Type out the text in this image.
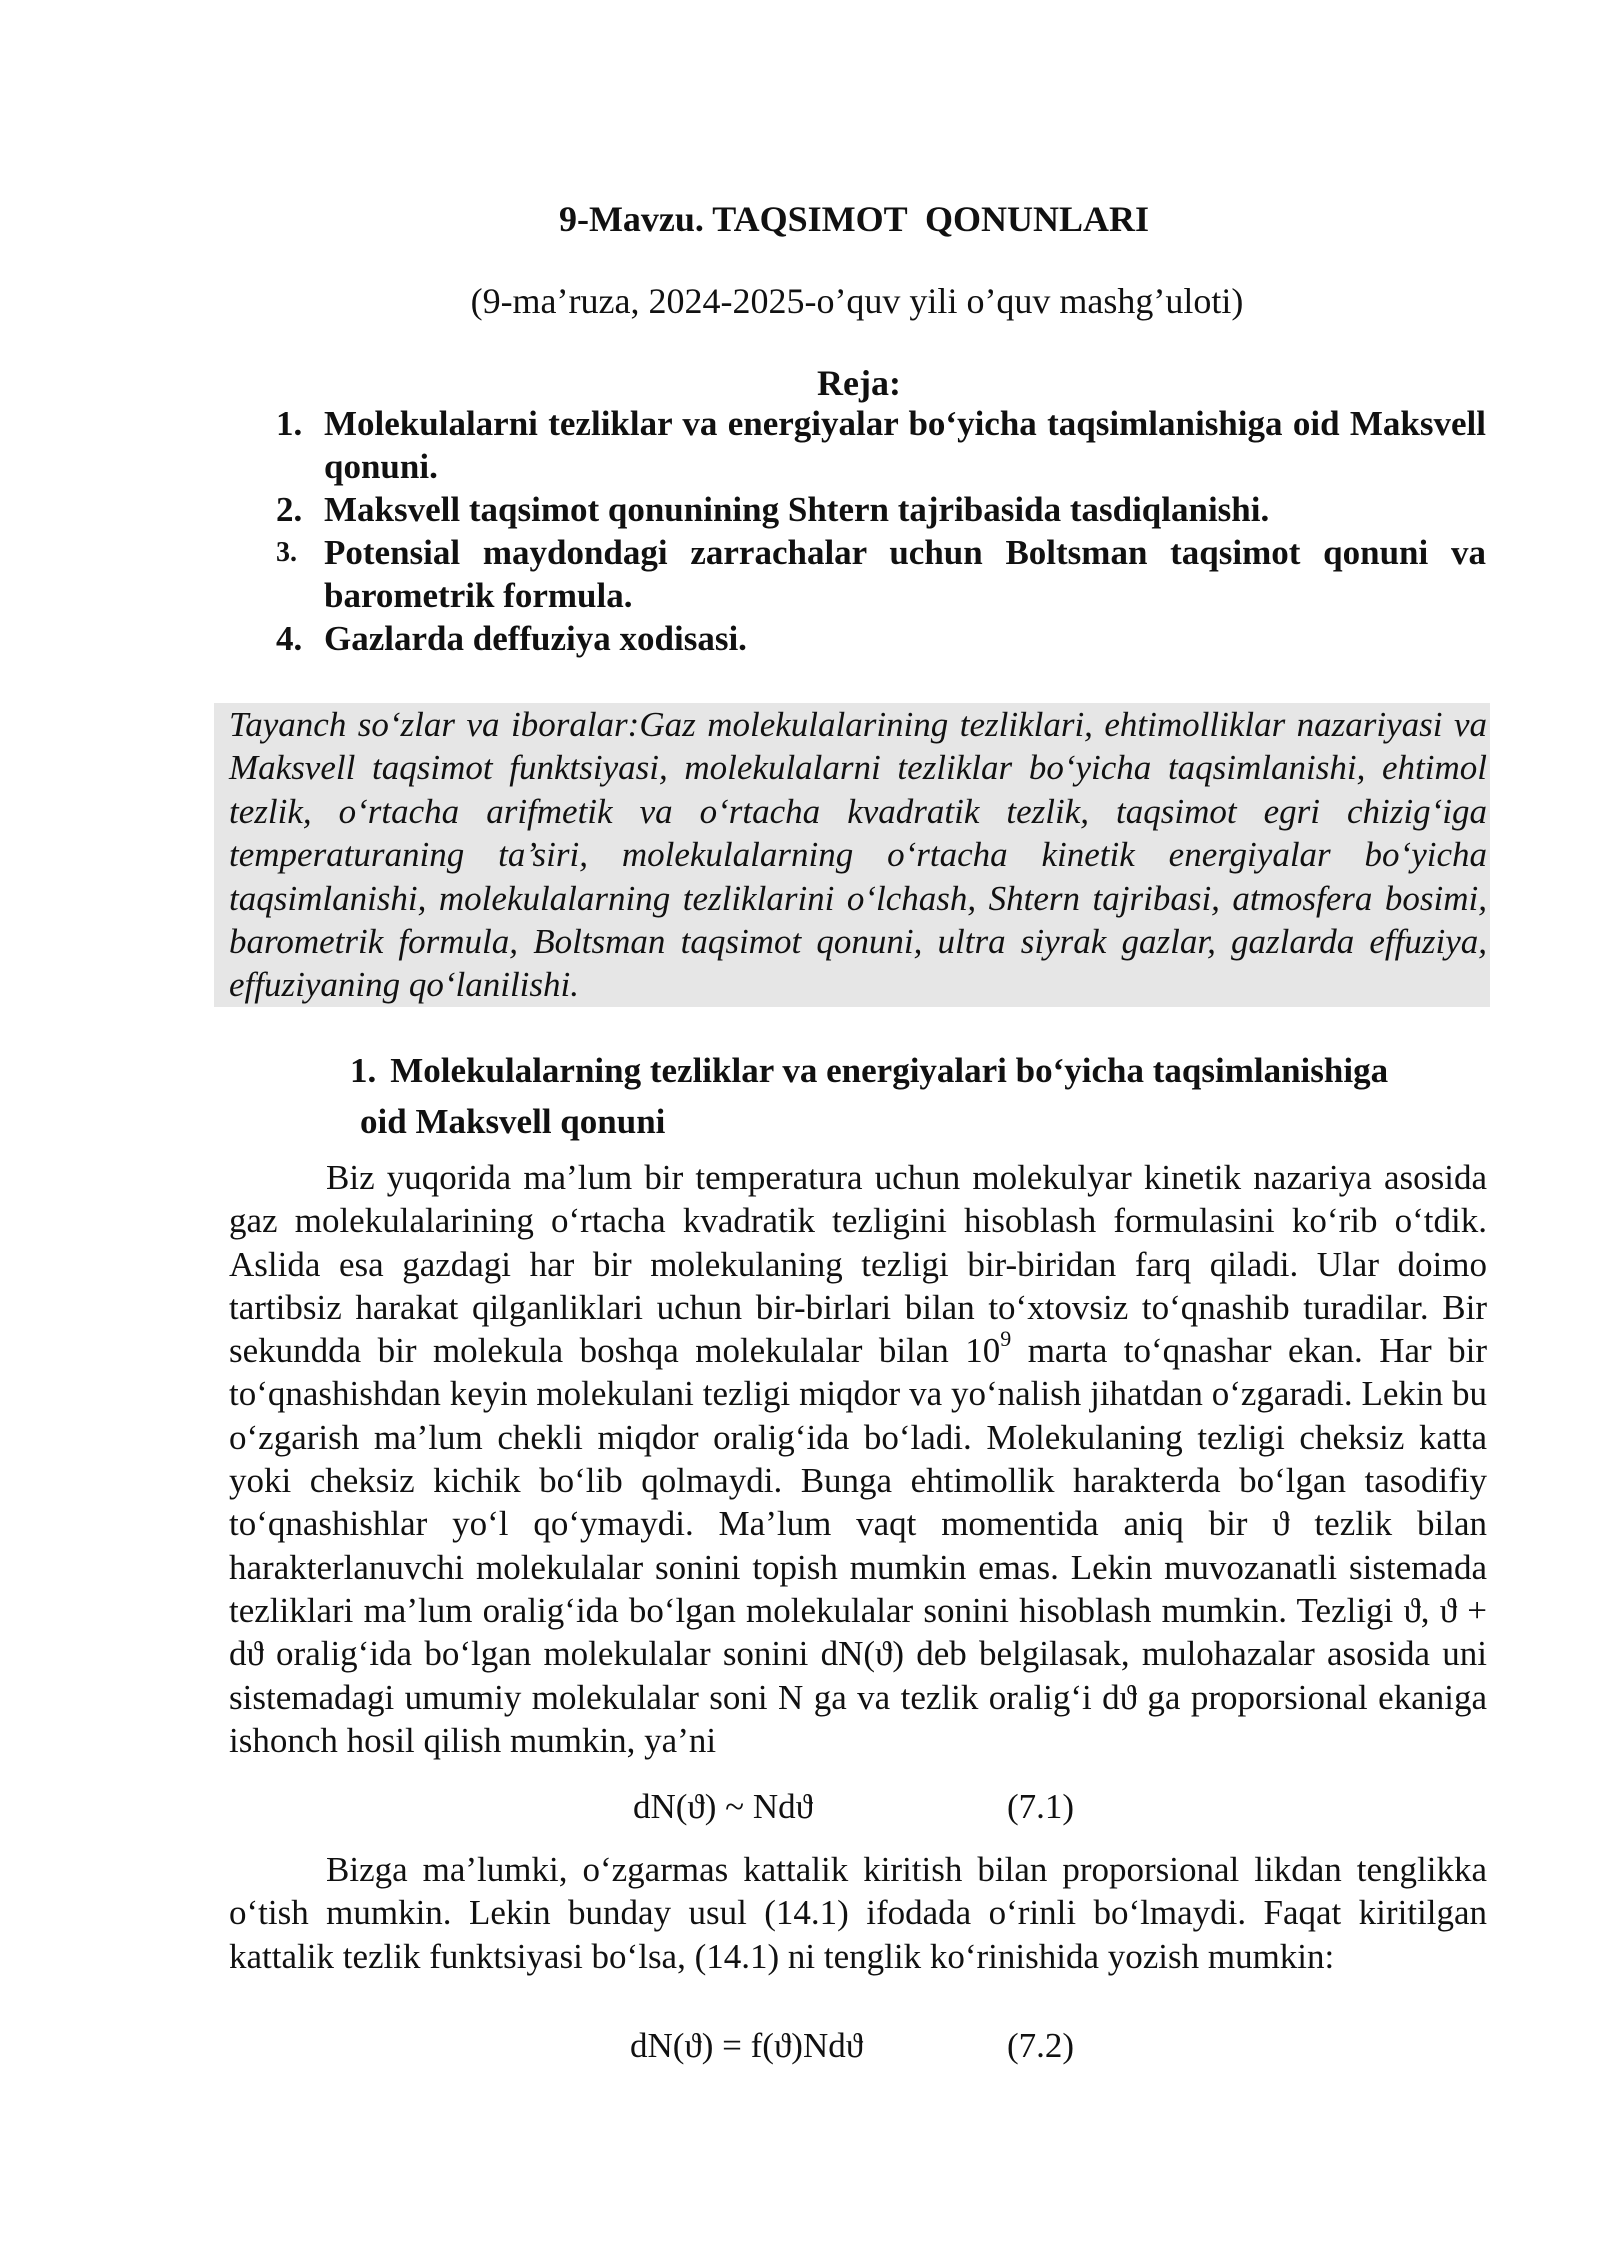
9-Mavzu. TAQSIMOT  QONUNLARI
(9-ma’ruza, 2024-2025-o’quv yili o’quv mashg’uloti)
Reja:
1. Molekulalarni tezliklar va energiyalar bo‘yicha taqsimlanishiga oid Maksvell qonuni.
2. Maksvell taqsimot qonunining Shtern tajribasida tasdiqlanishi.
3. Potensial maydondagi zarrachalar uchun Boltsman taqsimot qonuni va barometrik formula.
4. Gazlarda deffuziya xodisasi.
Tayanch so‘zlar va iboralar:Gaz molekulalarining tezliklari, ehtimolliklar nazariyasi va Maksvell taqsimot funktsiyasi, molekulalarni tezliklar bo‘yicha taqsimlanishi, ehtimol tezlik, o‘rtacha arifmetik va o‘rtacha kvadratik tezlik, taqsimot egri chizig‘iga temperaturaning ta’siri, molekulalarning o‘rtacha kinetik energiyalar bo‘yicha taqsimlanishi, molekulalarning tezliklarini o‘lchash, Shtern tajribasi, atmosfera bosimi, barometrik formula, Boltsman taqsimot qonuni, ultra siyrak gazlar, gazlarda effuziya, effuziyaning qo‘lanilishi.
1. Molekulalarning tezliklar va energiyalari bo‘yicha taqsimlanishiga
oid Maksvell qonuni
Biz yuqorida ma’lum bir temperatura uchun molekulyar kinetik nazariya asosida gaz molekulalarining o‘rtacha kvadratik tezligini hisoblash formulasini ko‘rib o‘tdik. Aslida esa gazdagi har bir molekulaning tezligi bir-biridan farq qiladi. Ular doimo tartibsiz harakat qilganliklari uchun bir-birlari bilan to‘xtovsiz to‘qnashib turadilar. Bir sekundda bir molekula boshqa molekulalar bilan $10^9$ marta to‘qnashar ekan. Har bir to‘qnashishdan keyin molekulani tezligi miqdor va yo‘nalish jihatdan o‘zgaradi. Lekin bu o‘zgarish ma’lum chekli miqdor oralig‘ida bo‘ladi. Molekulaning tezligi cheksiz katta yoki cheksiz kichik bo‘lib qolmaydi. Bunga ehtimollik harakterda bo‘lgan tasodifiy to‘qnashishlar yo‘l qo‘ymaydi. Ma’lum vaqt momentida aniq bir ϑ tezlik bilan harakterlanuvchi molekulalar sonini topish mumkin emas. Lekin muvozanatli sistemada tezliklari ma’lum oralig‘ida bo‘lgan molekulalar sonini hisoblash mumkin. Tezligi ϑ, ϑ + dϑ oralig‘ida bo‘lgan molekulalar sonini dN(ϑ) deb belgilasak, mulohazalar asosida uni sistemadagi umumiy molekulalar soni N ga va tezlik oralig‘i dϑ ga proporsional ekaniga ishonch hosil qilish mumkin, ya’ni
dN(ϑ) ~ Ndϑ	(7.1)
Bizga ma’lumki, o‘zgarmas kattalik kiritish bilan proporsional likdan tenglikka o‘tish mumkin. Lekin bunday usul (14.1) ifodada o‘rinli bo‘lmaydi. Faqat kiritilgan kattalik tezlik funktsiyasi bo‘lsa, (14.1) ni tenglik ko‘rinishida yozish mumkin:
dN(ϑ) = f(ϑ)Ndϑ	(7.2)
